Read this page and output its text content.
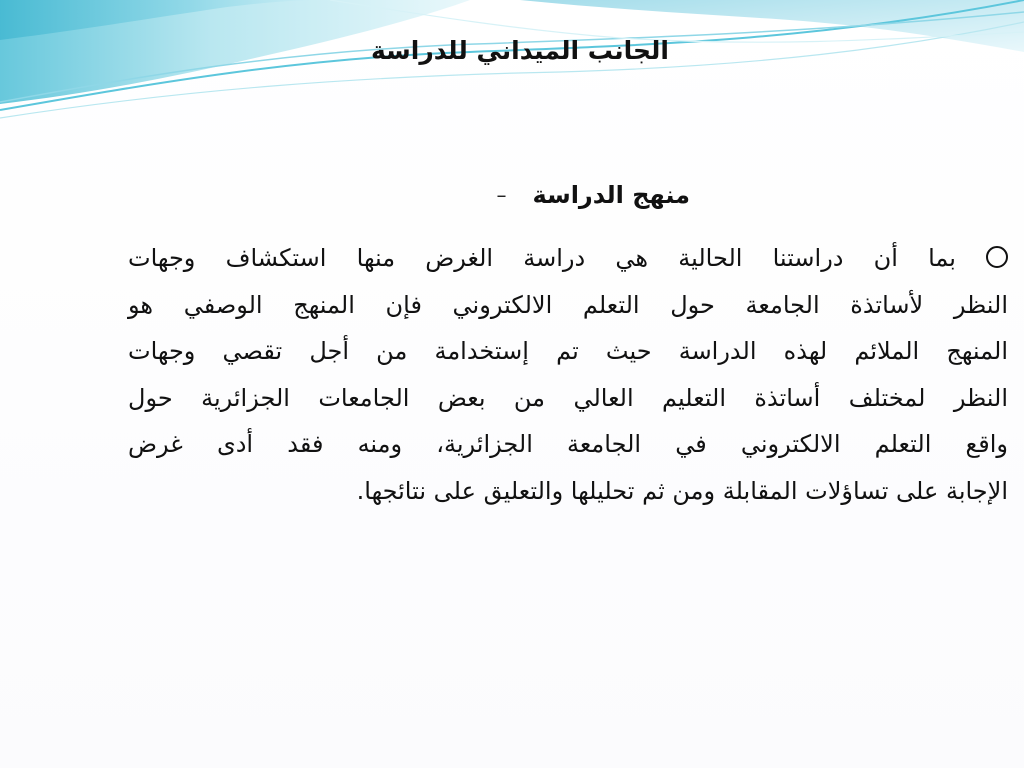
الجانب الميداني للدراسة
منهج الدراسة
–
بما أن دراستنا الحالية هي دراسة الغرض منها استكشاف وجهات
النظر لأساتذة الجامعة حول التعلم الالكتروني فإن المنهج الوصفي هو
المنهج الملائم لهذه الدراسة حيث تم إستخدامة من أجل تقصي وجهات
النظر لمختلف أساتذة التعليم العالي من بعض الجامعات الجزائرية حول
واقع التعلم الالكتروني في الجامعة الجزائرية، ومنه فقد أدى غرض
الإجابة على تساؤلات المقابلة ومن ثم تحليلها والتعليق على نتائجها.
